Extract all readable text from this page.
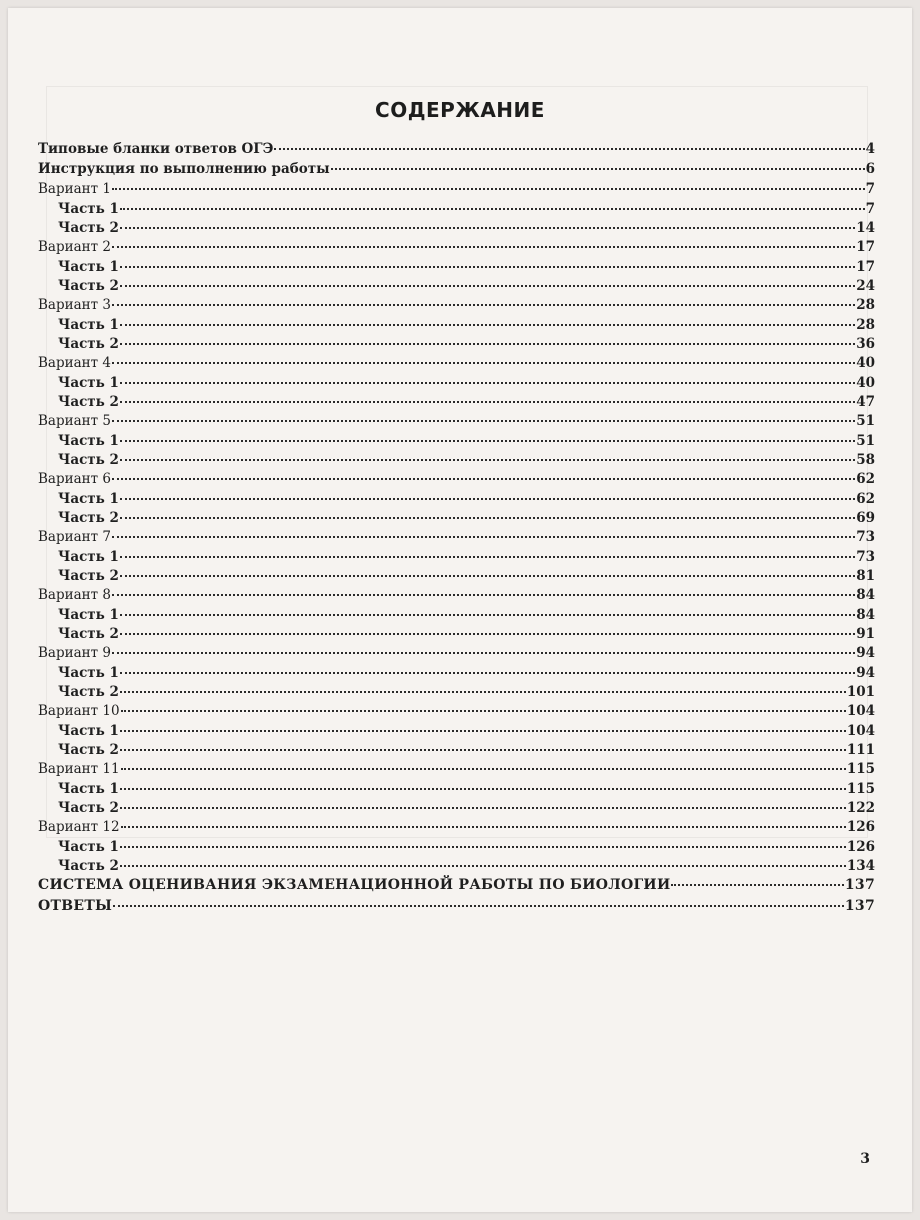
СОДЕРЖАНИЕ
Типовые бланки ответов ОГЭ	4
Инструкция по выполнению работы	6
Вариант 1	7
Часть 1	7
Часть 2	14
Вариант 2	17
Часть 1	17
Часть 2	24
Вариант 3	28
Часть 1	28
Часть 2	36
Вариант 4	40
Часть 1	40
Часть 2	47
Вариант 5	51
Часть 1	51
Часть 2	58
Вариант 6	62
Часть 1	62
Часть 2	69
Вариант 7	73
Часть 1	73
Часть 2	81
Вариант 8	84
Часть 1	84
Часть 2	91
Вариант 9	94
Часть 1	94
Часть 2	101
Вариант 10	104
Часть 1	104
Часть 2	111
Вариант 11	115
Часть 1	115
Часть 2	122
Вариант 12	126
Часть 1	126
Часть 2	134
СИСТЕМА ОЦЕНИВАНИЯ ЭКЗАМЕНАЦИОННОЙ РАБОТЫ ПО БИОЛОГИИ	137
ОТВЕТЫ	137
3
